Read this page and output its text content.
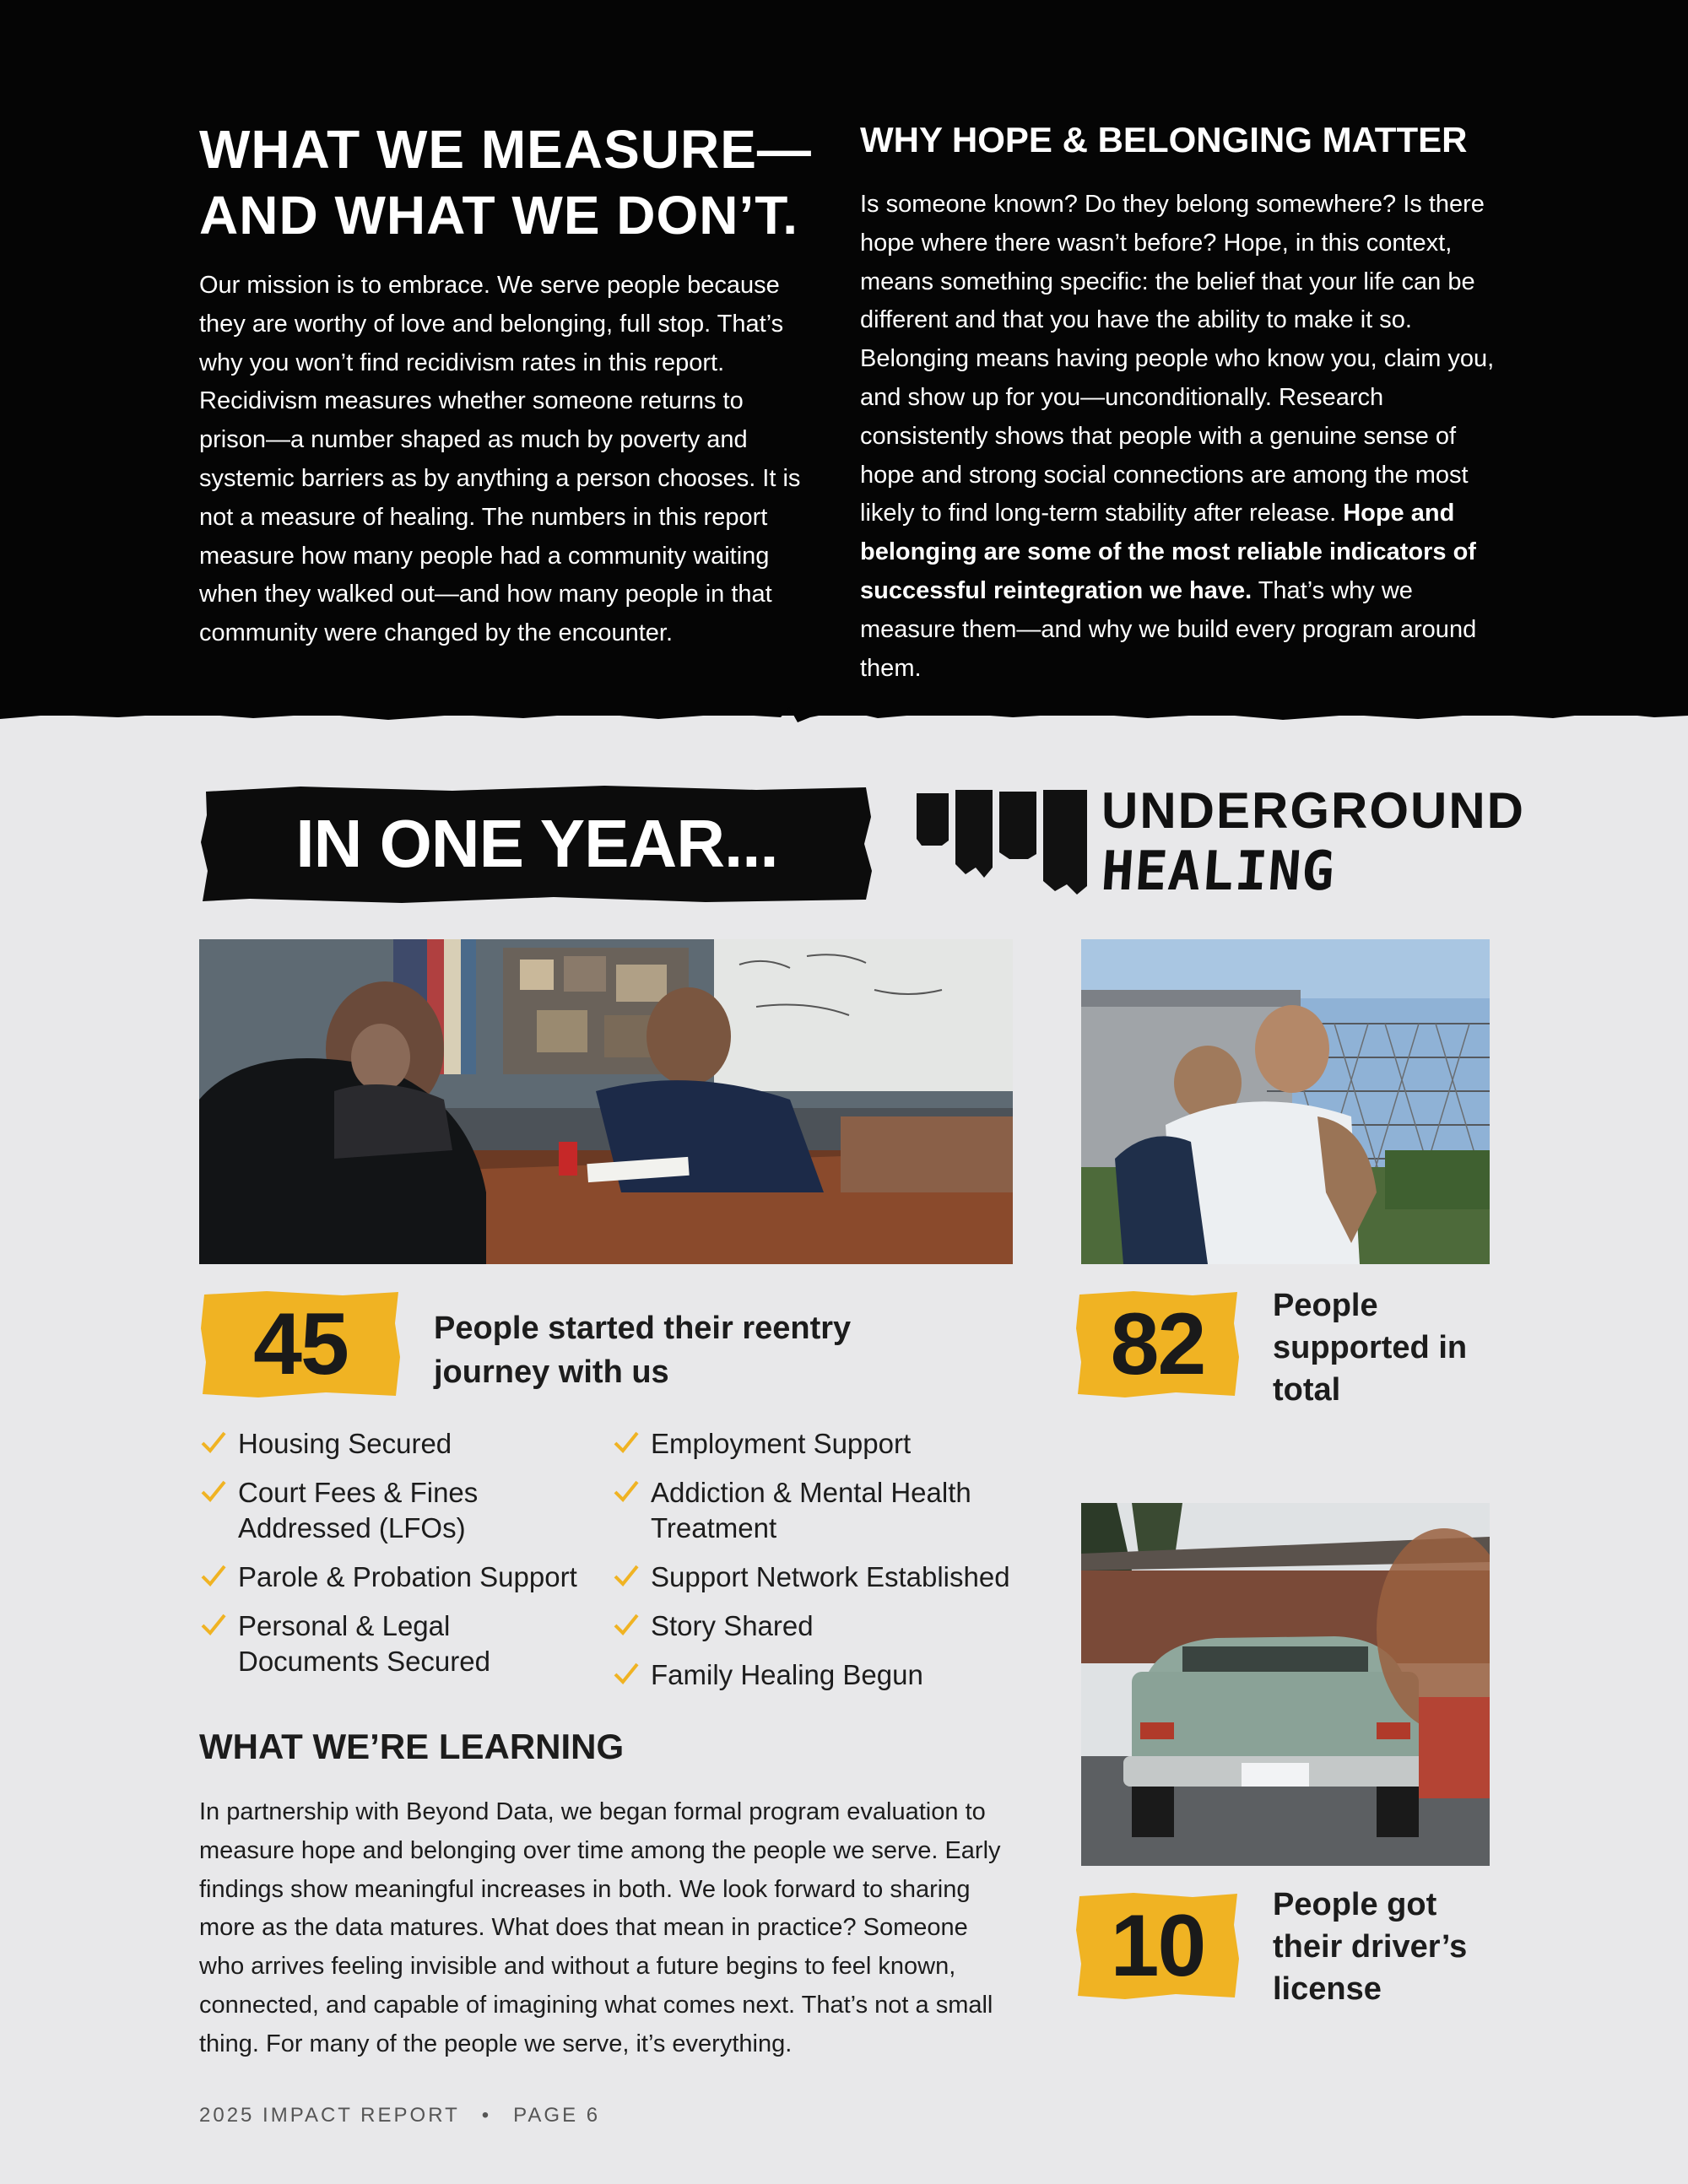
WHAT WE MEASURE— AND WHAT WE DON’T.

Our mission is to embrace. We serve people because they are worthy of love and belonging, full stop. That’s why you won’t find recidivism rates in this report. Recidivism measures whether someone returns to prison—a number shaped as much by poverty and systemic barriers as by anything a person chooses. It is not a measure of healing. The numbers in this report measure how many people had a community waiting when they walked out—and how many people in that community were changed by the encounter.

WHY HOPE & BELONGING MATTER

Is someone known? Do they belong somewhere? Is there hope where there wasn’t before? Hope, in this context, means something specific: the belief that your life can be different and that you have the ability to make it so. Belonging means having people who know you, claim you, and show up for you—unconditionally. Research consistently shows that people with a genuine sense of hope and strong social connections are among the most likely to find long-term stability after release. Hope and belonging are some of the most reliable indicators of successful reintegration we have. That’s why we measure them—and why we build every program around them.

IN ONE YEAR...	UNDERGROUND

HEALING

45	People started their reentry journey with us	82	People supported in total

10	People got their driver’s license

Housing Secured
Court Fees & Fines Addressed (LFOs)
Parole & Probation Support
Personal & Legal Documents Secured
Employment Support
Addiction & Mental Health Treatment
Support Network Established
Story Shared
Family Healing Begun
WHAT WE’RE LEARNING

In partnership with Beyond Data, we began formal program evaluation to measure hope and belonging over time among the people we serve. Early findings show meaningful increases in both. We look forward to sharing more as the data matures. What does that mean in practice? Someone who arrives feeling invisible and without a future begins to feel known, connected, and capable of imagining what comes next. That’s not a small thing. For many of the people we serve, it’s everything.

2025 IMPACT REPORT • PAGE 6
